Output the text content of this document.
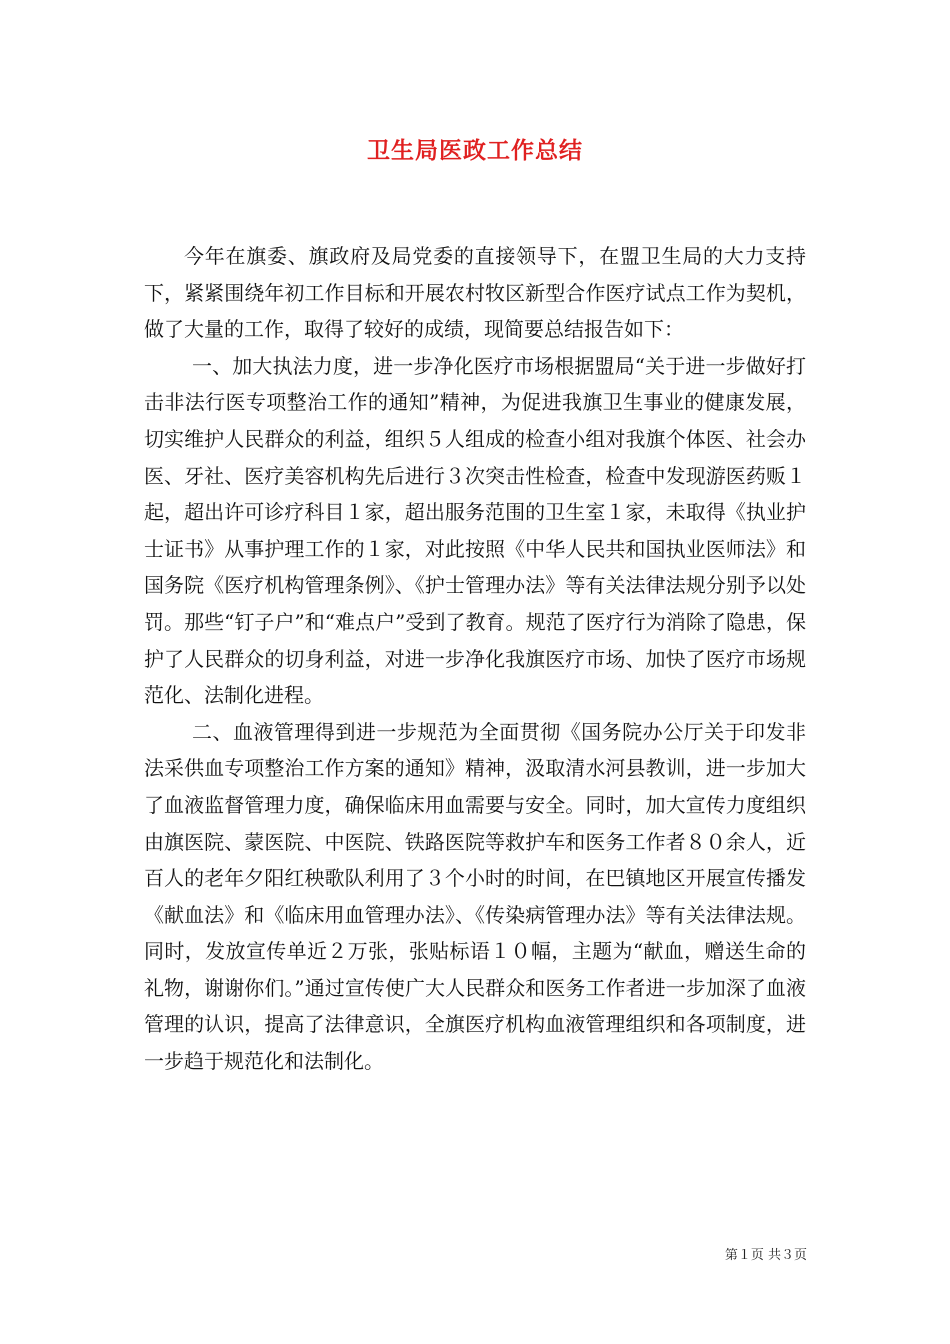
卫生局医政工作总结

今年在旗委、旗政府及局党委的直接领导下，在盟卫生局的大力支持下，紧紧围绕年初工作目标和开展农村牧区新型合作医疗试点工作为契机，做了大量的工作，取得了较好的成绩，现简要总结报告如下：

一、加大执法力度，进一步净化医疗市场根据盟局“关于进一步做好打击非法行医专项整治工作的通知”精神，为促进我旗卫生事业的健康发展，切实维护人民群众的利益，组织５人组成的检查小组对我旗个体医、社会办医、牙社、医疗美容机构先后进行３次突击性检查，检查中发现游医药贩１起，超出许可诊疗科目１家，超出服务范围的卫生室１家，未取得《执业护士证书》从事护理工作的１家，对此按照《中华人民共和国执业医师法》和国务院《医疗机构管理条例》、《护士管理办法》等有关法律法规分别予以处罚。那些“钉子户”和“难点户”受到了教育。规范了医疗行为消除了隐患，保护了人民群众的切身利益，对进一步净化我旗医疗市场、加快了医疗市场规范化、法制化进程。

二、血液管理得到进一步规范为全面贯彻《国务院办公厅关于印发非法采供血专项整治工作方案的通知》精神，汲取清水河县教训，进一步加大了血液监督管理力度，确保临床用血需要与安全。同时，加大宣传力度组织由旗医院、蒙医院、中医院、铁路医院等救护车和医务工作者８０余人，近百人的老年夕阳红秧歌队利用了３个小时的时间，在巴镇地区开展宣传播发《献血法》和《临床用血管理办法》、《传染病管理办法》等有关法律法规。同时，发放宣传单近２万张，张贴标语１０幅，主题为“献血，赠送生命的礼物，谢谢你们。”通过宣传使广大人民群众和医务工作者进一步加深了血液管理的认识，提高了法律意识，全旗医疗机构血液管理组织和各项制度，进一步趋于规范化和法制化。

第１页 共３页
